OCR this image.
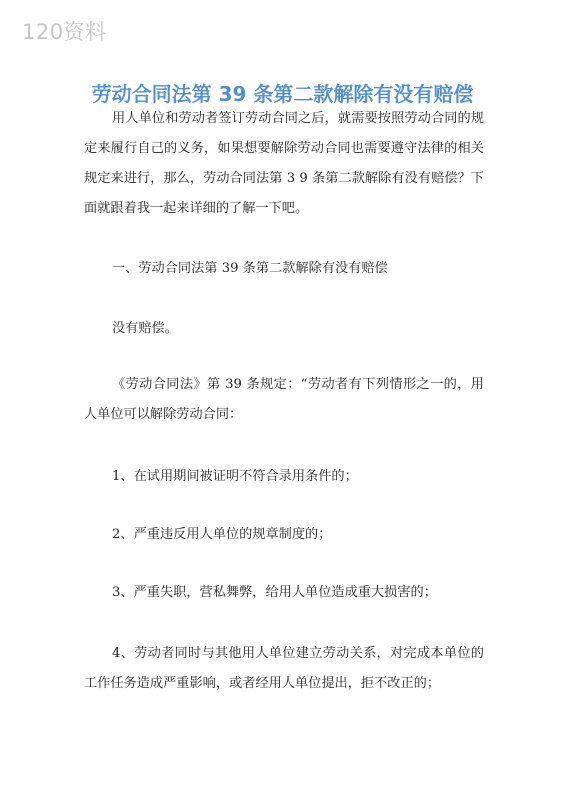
120资料
劳动合同法第 39 条第二款解除有没有赔偿

用人单位和劳动者签订劳动合同之后，就需要按照劳动合同的规定来履行自己的义务，如果想要解除劳动合同也需要遵守法律的相关规定来进行，那么，劳动合同法第 3 9 条第二款解除有没有赔偿？下面就跟着我一起来详细的了解一下吧。

一、劳动合同法第 39 条第二款解除有没有赔偿

没有赔偿。

《劳动合同法》第 39 条规定：“劳动者有下列情形之一的，用人单位可以解除劳动合同：

1、在试用期间被证明不符合录用条件的；

2、严重违反用人单位的规章制度的；

3、严重失职，营私舞弊，给用人单位造成重大损害的；

4、劳动者同时与其他用人单位建立劳动关系，对完成本单位的工作任务造成严重影响，或者经用人单位提出，拒不改正的；
